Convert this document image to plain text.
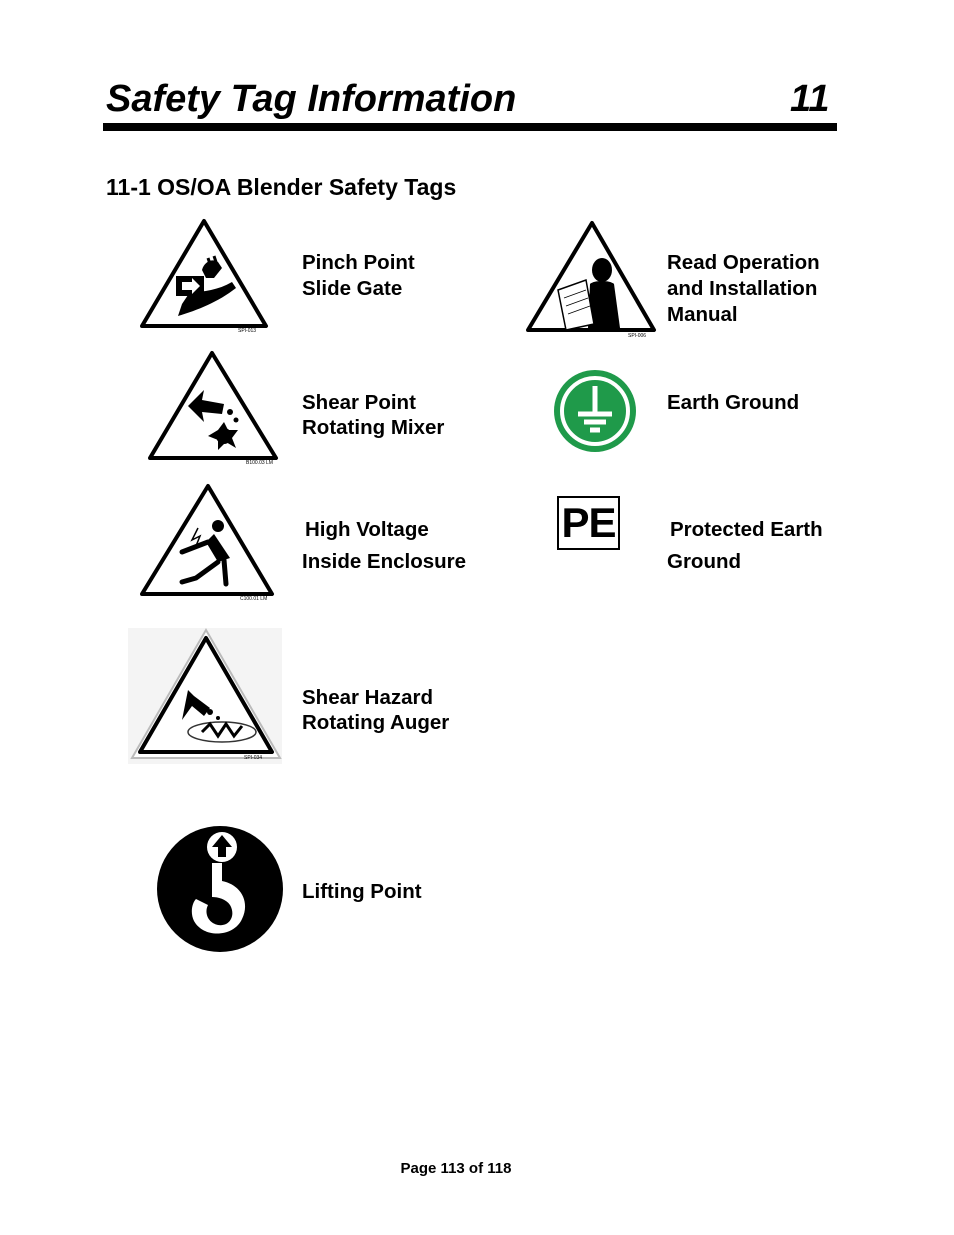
Safety Tag Information	11
11-1 OS/OA Blender Safety Tags
SPI-013
Pinch Point
Slide Gate
SPI-006
Read Operation
and Installation
Manual
B100.03 LM
Shear Point
Rotating Mixer
Earth Ground
C100.01 LM
High Voltage
Inside Enclosure
PE	Protected Earth
Ground
SPI-034
Shear Hazard
Rotating Auger
Lifting Point
Page 113 of 118
